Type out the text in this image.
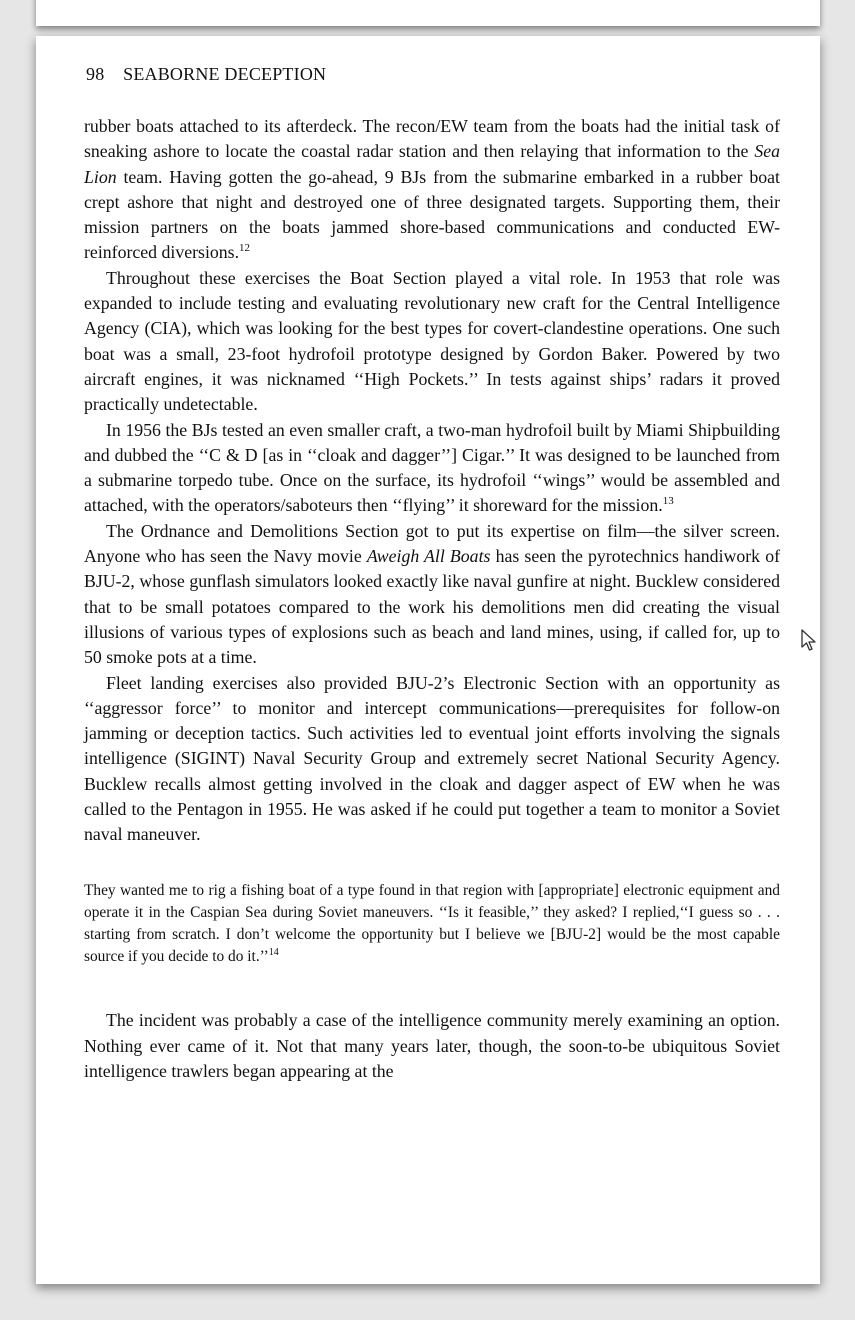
98 SEABORNE DECEPTION

rubber boats attached to its afterdeck. The recon/EW team from the boats had the initial task of sneaking ashore to locate the coastal radar station and then relaying that information to the Sea Lion team. Having gotten the go-ahead, 9 BJs from the submarine embarked in a rubber boat crept ashore that night and destroyed one of three designated targets. Supporting them, their mission partners on the boats jammed shore-based communications and conducted EW-reinforced diversions.$^{12}$

Throughout these exercises the Boat Section played a vital role. In 1953 that role was expanded to include testing and evaluating revolutionary new craft for the Central Intelligence Agency (CIA), which was looking for the best types for covert-clandestine operations. One such boat was a small, 23-foot hydrofoil prototype designed by Gordon Baker. Powered by two aircraft engines, it was nicknamed ‘‘High Pockets.’’ In tests against ships’ radars it proved practically undetectable.

In 1956 the BJs tested an even smaller craft, a two-man hydrofoil built by Miami Shipbuilding and dubbed the ‘‘C & D [as in ‘‘cloak and dagger’’] Cigar.’’ It was designed to be launched from a submarine torpedo tube. Once on the surface, its hydrofoil ‘‘wings’’ would be assembled and attached, with the operators/saboteurs then ‘‘flying’’ it shoreward for the mission.$^{13}$

The Ordnance and Demolitions Section got to put its expertise on film—the silver screen. Anyone who has seen the Navy movie Aweigh All Boats has seen the pyrotechnics handiwork of BJU-2, whose gunflash simulators looked exactly like naval gunfire at night. Bucklew considered that to be small potatoes compared to the work his demolitions men did creating the visual illusions of various types of explosions such as beach and land mines, using, if called for, up to 50 smoke pots at a time.

Fleet landing exercises also provided BJU-2’s Electronic Section with an opportunity as ‘‘aggressor force’’ to monitor and intercept communications—prerequisites for follow-on jamming or deception tactics. Such activities led to eventual joint efforts involving the signals intelligence (SIGINT) Naval Security Group and extremely secret National Security Agency. Bucklew recalls almost getting involved in the cloak and dagger aspect of EW when he was called to the Pentagon in 1955. He was asked if he could put together a team to monitor a Soviet naval maneuver.

They wanted me to rig a fishing boat of a type found in that region with [appropriate] electronic equipment and operate it in the Caspian Sea during Soviet maneuvers. ‘‘Is it feasible,’’ they asked? I replied,‘‘I guess so . . . starting from scratch. I don’t welcome the opportunity but I believe we [BJU-2] would be the most capable source if you decide to do it.’’$^{14}$

The incident was probably a case of the intelligence community merely examining an option. Nothing ever came of it. Not that many years later, though, the soon-to-be ubiquitous Soviet intelligence trawlers began appearing at the
